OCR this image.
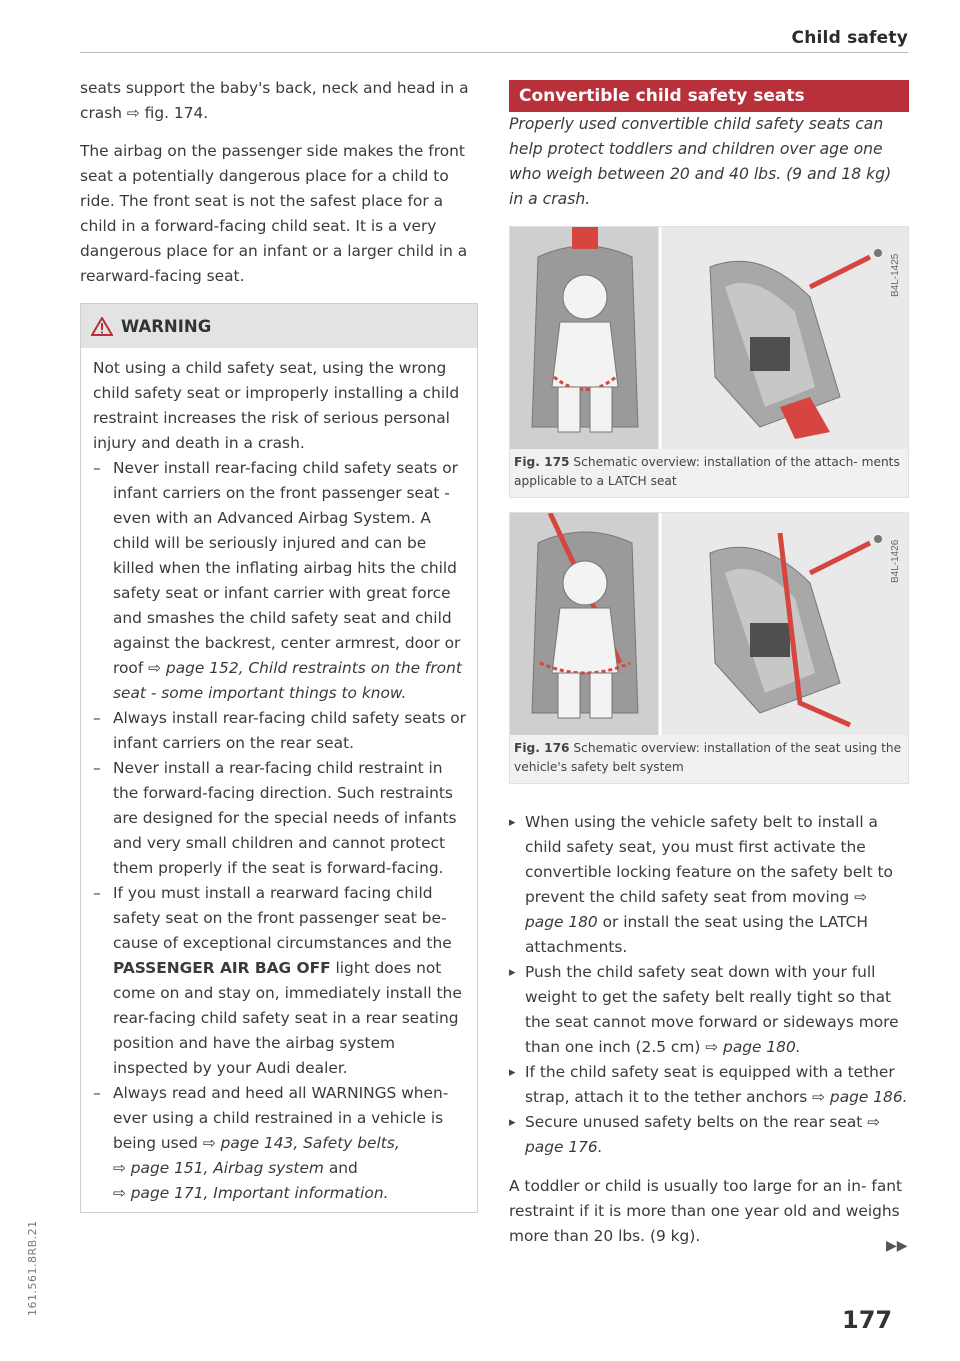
Child safety

seats support the baby's back, neck and head in a crash ⇨ fig. 174.

The airbag on the passenger side makes the front seat a potentially dangerous place for a child to ride. The front seat is not the safest place for a child in a forward-facing child seat. It is a very dangerous place for an infant or a larger child in a rearward-facing seat.

WARNING

Not using a child safety seat, using the wrong child safety seat or improperly installing a child restraint increases the risk of serious personal injury and death in a crash.

– Never install rear-facing child safety seats or infant carriers on the front passenger seat - even with an Advanced Airbag System. A child will be seriously injured and can be killed when the inflating airbag hits the child safety seat or infant carrier with great force and smashes the child safety seat and child against the backrest, center armrest, door or roof ⇨ page 152, Child restraints on the front seat - some important things to know.
– Always install rear-facing child safety seats or infant carriers on the rear seat.
– Never install a rear-facing child restraint in the forward-facing direction. Such restraints are designed for the special needs of infants and very small children and cannot protect them properly if the seat is forward-facing.
– If you must install a rearward facing child safety seat on the front passenger seat be- cause of exceptional circumstances and the PASSENGER AIR BAG OFF light does not come on and stay on, immediately install the rear-facing child safety seat in a rear seating position and have the airbag system inspected by your Audi dealer.
– Always read and heed all WARNINGS when- ever using a child restrained in a vehicle is being used ⇨ page 143, Safety belts,
⇨ page 151, Airbag system and
⇨ page 171, Important information.
Convertible child safety seats

Properly used convertible child safety seats can help protect toddlers and children over age one who weigh between 20 and 40 lbs. (9 and 18 kg) in a crash.

B4L-1425
Fig. 175 Schematic overview: installation of the attach- ments applicable to a LATCH seat
B4L-1426
Fig. 176 Schematic overview: installation of the seat using the vehicle's safety belt system
▸ When using the vehicle safety belt to install a child safety seat, you must first activate the convertible locking feature on the safety belt to prevent the child safety seat from moving ⇨ page 180 or install the seat using the LATCH attachments.
▸ Push the child safety seat down with your full weight to get the safety belt really tight so that the seat cannot move forward or sideways more than one inch (2.5 cm) ⇨ page 180.
▸ If the child safety seat is equipped with a tether strap, attach it to the tether anchors ⇨ page 186.
▸ Secure unused safety belts on the rear seat ⇨ page 176.

A toddler or child is usually too large for an in- fant restraint if it is more than one year old and weighs more than 20 lbs. (9 kg).

▶▶
177
161.561.8RB.21
